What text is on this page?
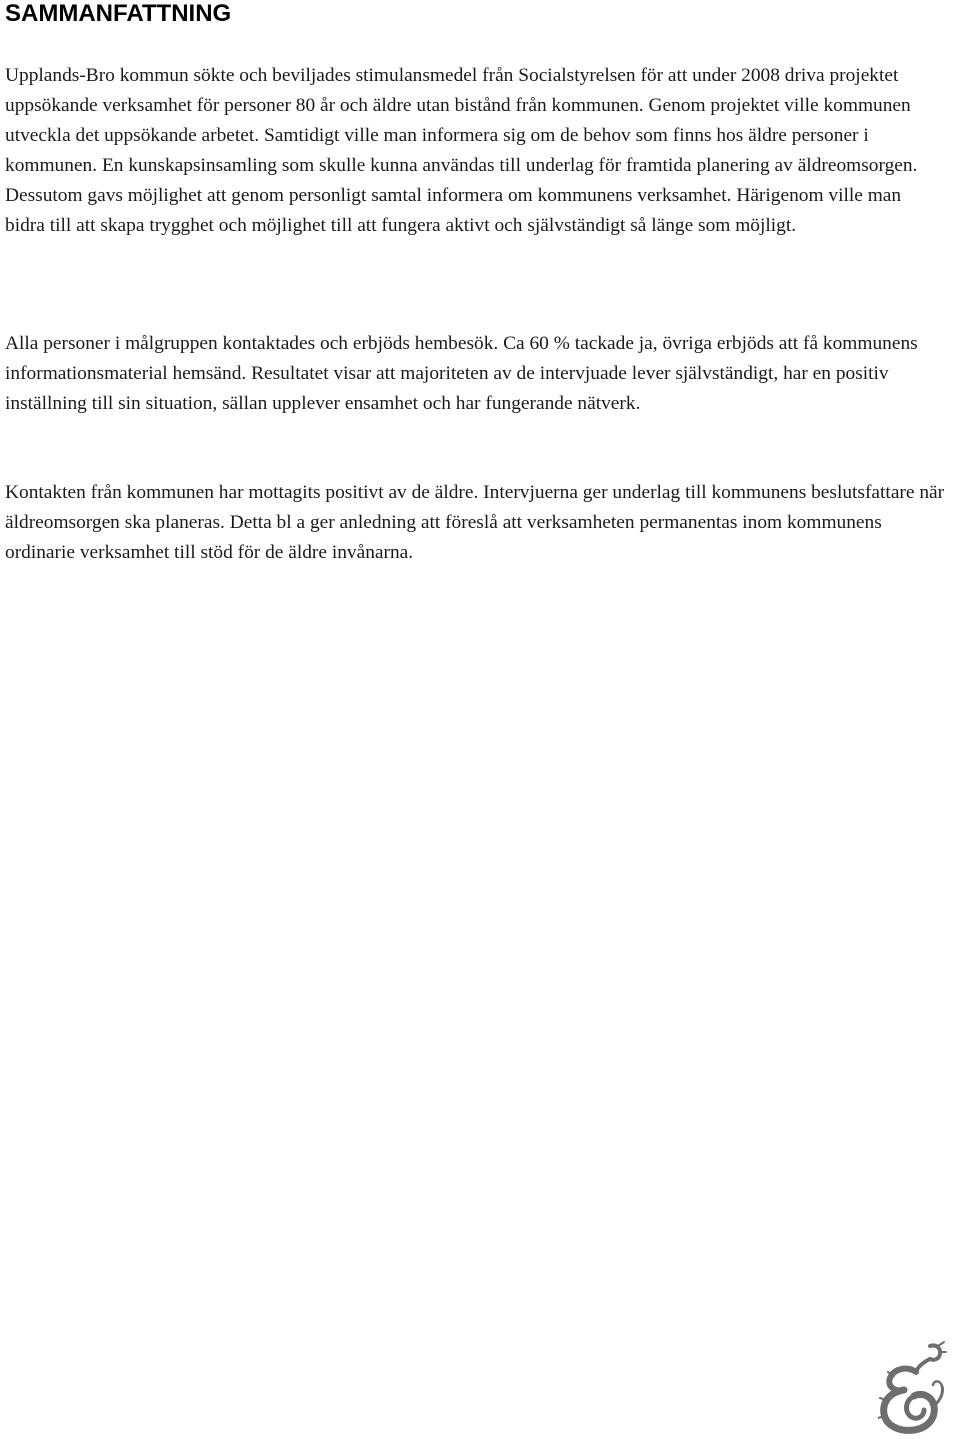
SAMMANFATTNING

Upplands-Bro kommun sökte och beviljades stimulansmedel från Socialstyrelsen för att under 2008 driva projektet uppsökande verksamhet för personer 80 år och äldre utan bistånd från kommunen. Genom projektet ville kommunen utveckla det uppsökande arbetet. Samtidigt ville man informera sig om de behov som finns hos äldre personer i kommunen. En kunskapsinsamling som skulle kunna användas till underlag för framtida planering av äldreomsorgen. Dessutom gavs möjlighet att genom personligt samtal informera om kommunens verksamhet. Härigenom ville man bidra till att skapa trygghet och möjlighet till att fungera aktivt och självständigt så länge som möjligt.

Alla personer i målgruppen kontaktades och erbjöds hembesök. Ca 60 % tackade ja, övriga erbjöds att få kommunens informationsmaterial hemsänd. Resultatet visar att majoriteten av de intervjuade lever självständigt, har en positiv inställning till sin situation, sällan upplever ensamhet och har fungerande nätverk.

Kontakten från kommunen har mottagits positivt av de äldre. Intervjuerna ger underlag till kommunens beslutsfattare när äldreomsorgen ska planeras. Detta bl a ger anledning att föreslå att verksamheten permanentas inom kommunens ordinarie verksamhet till stöd för de äldre invånarna.
